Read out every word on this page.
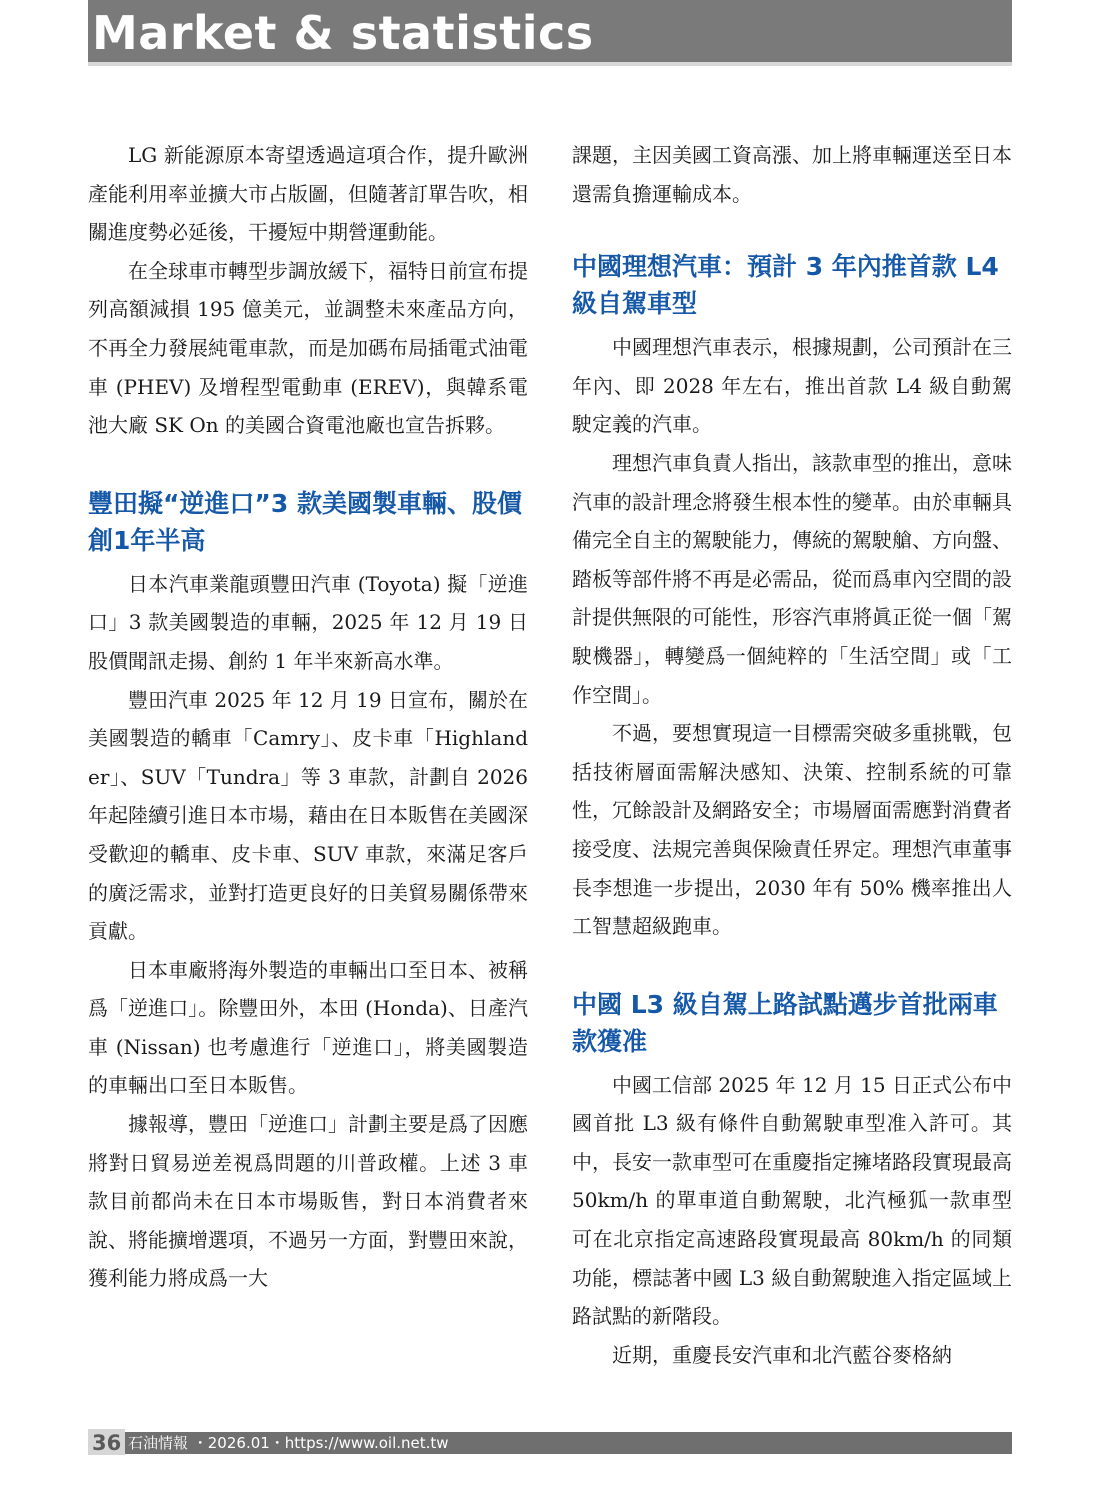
Market & statistics

LG 新能源原本寄望透過這項合作，提升歐洲產能利用率並擴大市占版圖，但隨著訂單告吹，相關進度勢必延後，干擾短中期營運動能。

在全球車市轉型步調放緩下，福特日前宣布提列高額減損 195 億美元，並調整未來產品方向，不再全力發展純電車款，而是加碼布局插電式油電車 (PHEV) 及增程型電動車 (EREV)，與韓系電池大廠 SK On 的美國合資電池廠也宣告拆夥。

豐田擬“逆進口”3 款美國製車輛、股價創1年半高

日本汽車業龍頭豐田汽車 (Toyota) 擬「逆進口」3 款美國製造的車輛，2025 年 12 月 19 日股價聞訊走揚、創約 1 年半來新高水準。

豐田汽車 2025 年 12 月 19 日宣布，關於在美國製造的轎車「Camry」、皮卡車「Highlander」、SUV「Tundra」等 3 車款，計劃自 2026 年起陸續引進日本市場，藉由在日本販售在美國深受歡迎的轎車、皮卡車、SUV 車款，來滿足客戶的廣泛需求，並對打造更良好的日美貿易關係帶來貢獻。

日本車廠將海外製造的車輛出口至日本、被稱爲「逆進口」。除豐田外，本田 (Honda)、日產汽車 (Nissan) 也考慮進行「逆進口」，將美國製造的車輛出口至日本販售。

據報導，豐田「逆進口」計劃主要是爲了因應將對日貿易逆差視爲問題的川普政權。上述 3 車款目前都尚未在日本市場販售，對日本消費者來說、將能擴增選項，不過另一方面，對豐田來說，獲利能力將成爲一大

課題，主因美國工資高漲、加上將車輛運送至日本還需負擔運輸成本。

中國理想汽車：預計 3 年內推首款 L4 級自駕車型

中國理想汽車表示，根據規劃，公司預計在三年內、即 2028 年左右，推出首款 L4 級自動駕駛定義的汽車。

理想汽車負責人指出，該款車型的推出，意味汽車的設計理念將發生根本性的變革。由於車輛具備完全自主的駕駛能力，傳統的駕駛艙、方向盤、踏板等部件將不再是必需品，從而爲車內空間的設計提供無限的可能性，形容汽車將眞正從一個「駕駛機器」，轉變爲一個純粹的「生活空間」或「工作空間」。

不過，要想實現這一目標需突破多重挑戰，包括技術層面需解決感知、決策、控制系統的可靠性，冗餘設計及網路安全；市場層面需應對消費者接受度、法規完善與保險責任界定。理想汽車董事長李想進一步提出，2030 年有 50% 機率推出人工智慧超級跑車。

中國 L3 級自駕上路試點邁步首批兩車款獲准

中國工信部 2025 年 12 月 15 日正式公布中國首批 L3 級有條件自動駕駛車型准入許可。其中，長安一款車型可在重慶指定擁堵路段實現最高 50km/h 的單車道自動駕駛，北汽極狐一款車型可在北京指定高速路段實現最高 80km/h 的同類功能，標誌著中國 L3 級自動駕駛進入指定區域上路試點的新階段。

近期，重慶長安汽車和北汽藍谷麥格納

36 石油情報 ・2026.01・https://www.oil.net.tw
